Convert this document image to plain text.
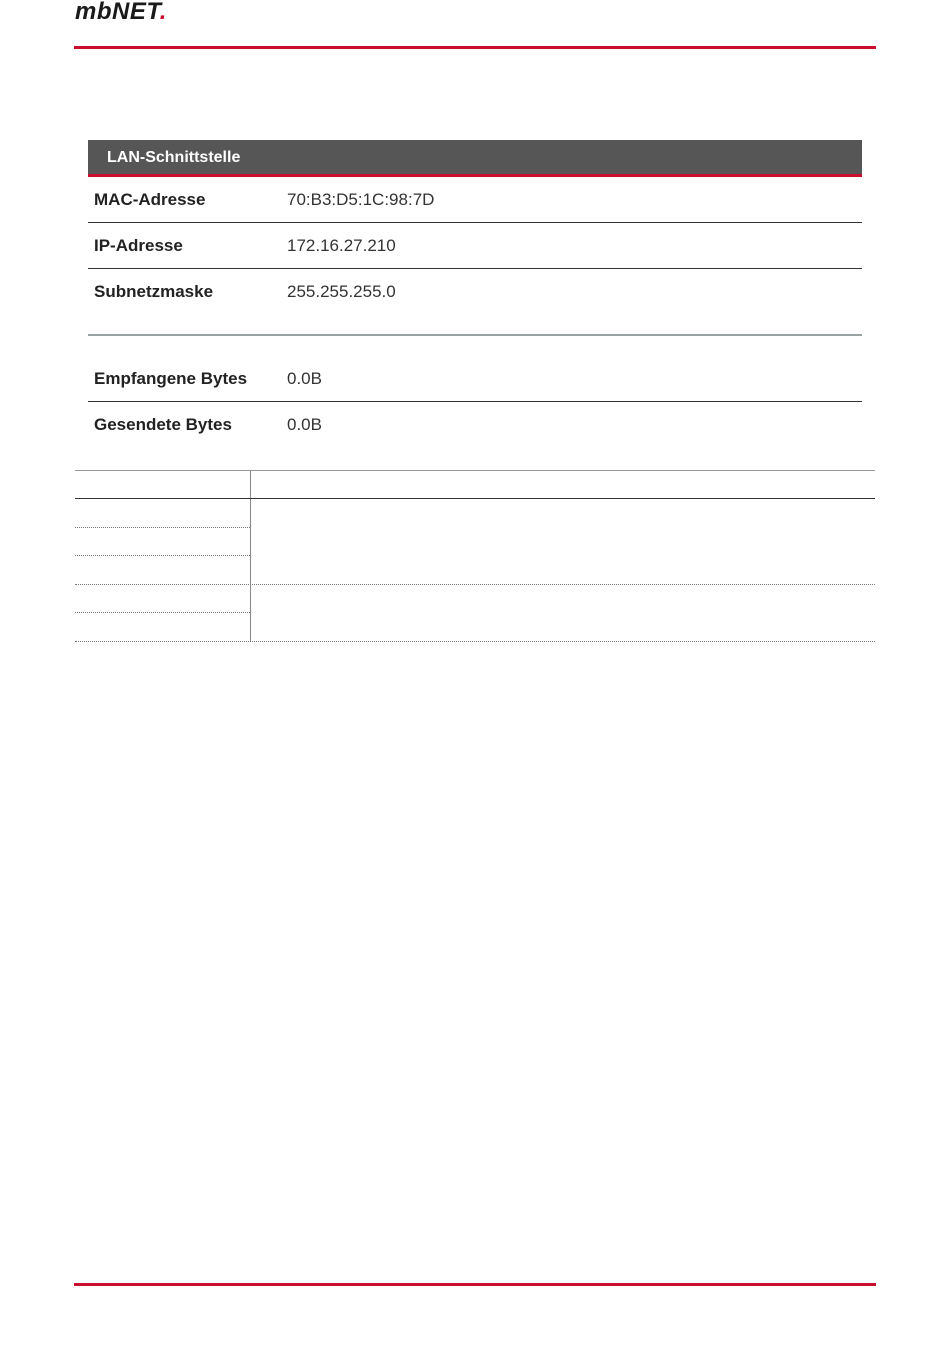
mbNET.
LAN-Schnittstelle
MAC-Adresse	70:B3:D5:1C:98:7D
IP-Adresse	172.16.27.210
Subnetzmaske	255.255.255.0
Empfangene Bytes	0.0B
Gesendete Bytes	0.0B
